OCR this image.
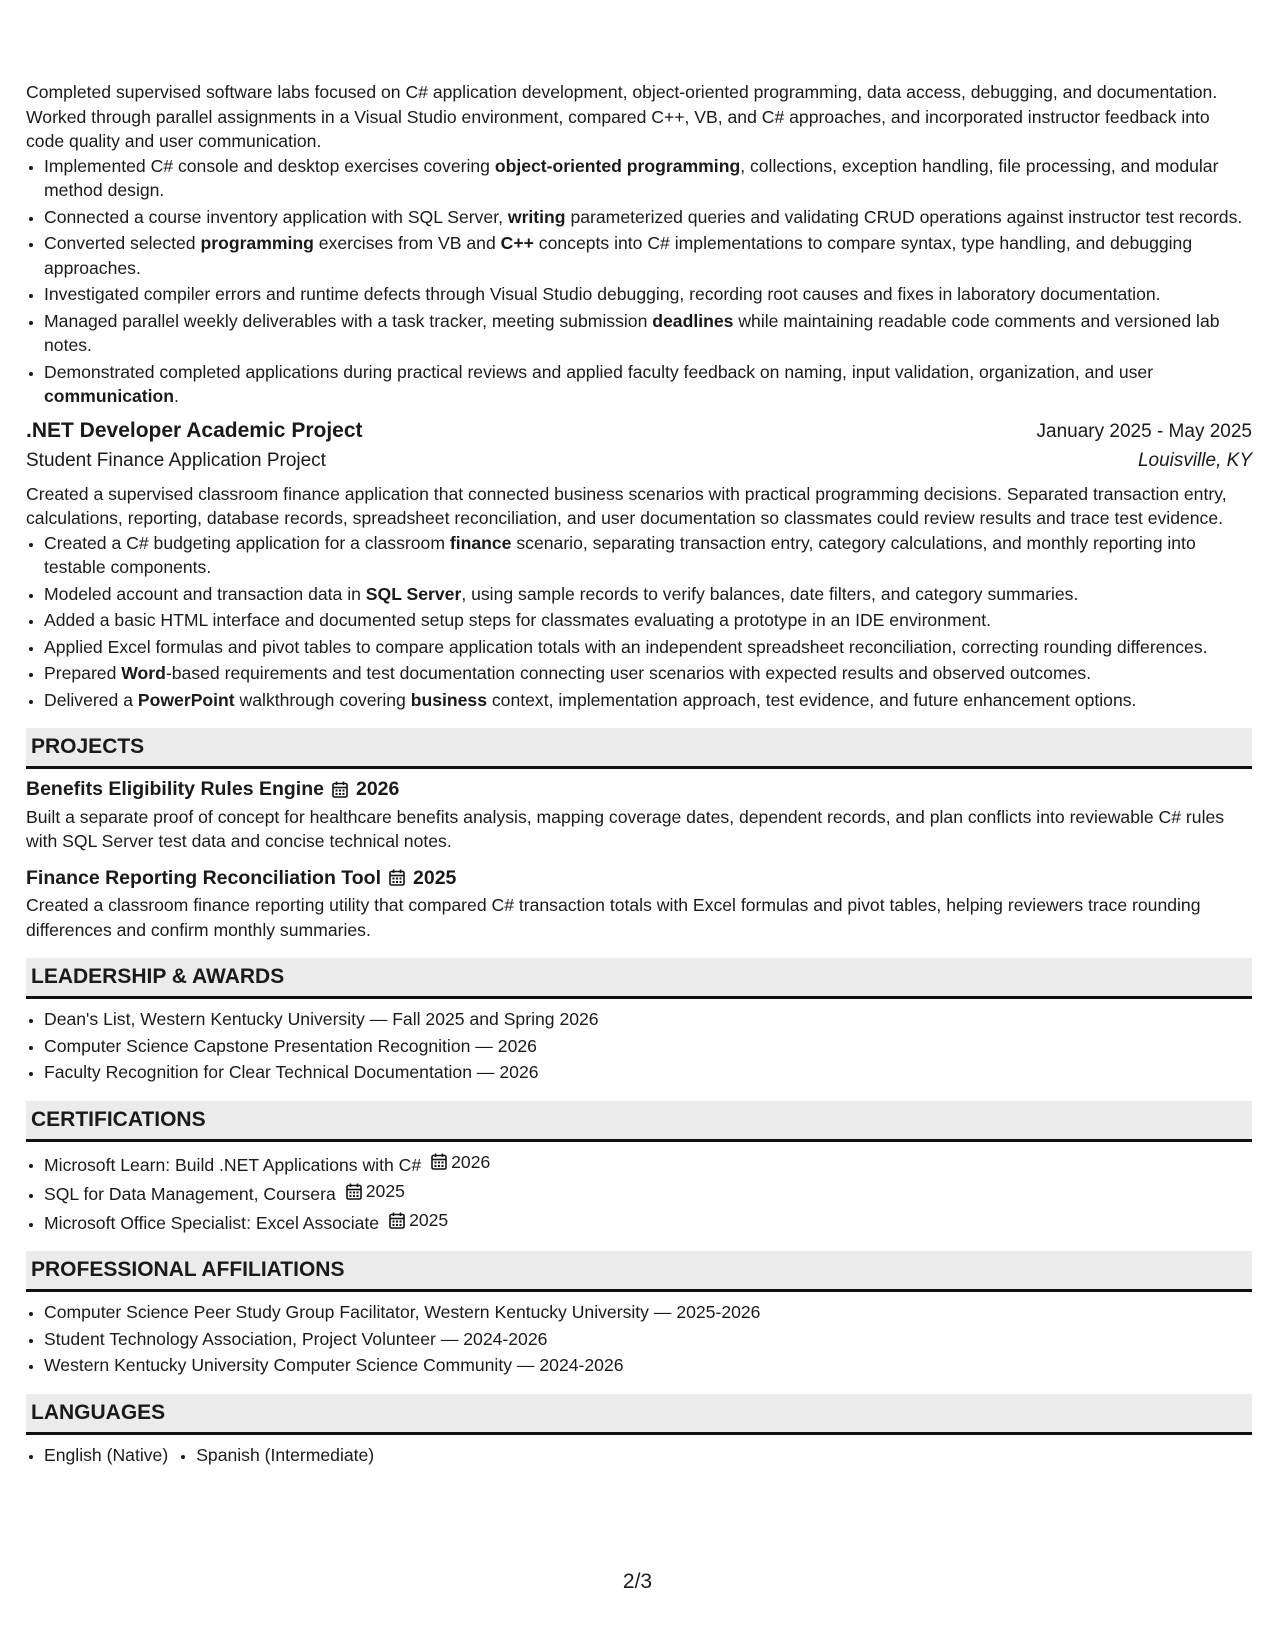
Completed supervised software labs focused on C# application development, object-oriented programming, data access, debugging, and documentation. Worked through parallel assignments in a Visual Studio environment, compared C++, VB, and C# approaches, and incorporated instructor feedback into code quality and user communication.

• Implemented C# console and desktop exercises covering object-oriented programming, collections, exception handling, file processing, and modular method design.
• Connected a course inventory application with SQL Server, writing parameterized queries and validating CRUD operations against instructor test records.
• Converted selected programming exercises from VB and C++ concepts into C# implementations to compare syntax, type handling, and debugging approaches.
• Investigated compiler errors and runtime defects through Visual Studio debugging, recording root causes and fixes in laboratory documentation.
• Managed parallel weekly deliverables with a task tracker, meeting submission deadlines while maintaining readable code comments and versioned lab notes.
• Demonstrated completed applications during practical reviews and applied faculty feedback on naming, input validation, organization, and user communication.
.NET Developer Academic Project	January 2025 - May 2025
Student Finance Application Project	Louisville, KY

Created a supervised classroom finance application that connected business scenarios with practical programming decisions. Separated transaction entry, calculations, reporting, database records, spreadsheet reconciliation, and user documentation so classmates could review results and trace test evidence.

• Created a C# budgeting application for a classroom finance scenario, separating transaction entry, category calculations, and monthly reporting into testable components.
• Modeled account and transaction data in SQL Server, using sample records to verify balances, date filters, and category summaries.
• Added a basic HTML interface and documented setup steps for classmates evaluating a prototype in an IDE environment.
• Applied Excel formulas and pivot tables to compare application totals with an independent spreadsheet reconciliation, correcting rounding differences.
• Prepared Word-based requirements and test documentation connecting user scenarios with expected results and observed outcomes.
• Delivered a PowerPoint walkthrough covering business context, implementation approach, test evidence, and future enhancement options.
PROJECTS
Benefits Eligibility Rules Engine 2026

Built a separate proof of concept for healthcare benefits analysis, mapping coverage dates, dependent records, and plan conflicts into reviewable C# rules with SQL Server test data and concise technical notes.

Finance Reporting Reconciliation Tool 2025

Created a classroom finance reporting utility that compared C# transaction totals with Excel formulas and pivot tables, helping reviewers trace rounding differences and confirm monthly summaries.

LEADERSHIP & AWARDS
• Dean's List, Western Kentucky University — Fall 2025 and Spring 2026
• Computer Science Capstone Presentation Recognition — 2026
• Faculty Recognition for Clear Technical Documentation — 2026
CERTIFICATIONS
• Microsoft Learn: Build .NET Applications with C# 2026
• SQL for Data Management, Coursera 2025
• Microsoft Office Specialist: Excel Associate 2025
PROFESSIONAL AFFILIATIONS
• Computer Science Peer Study Group Facilitator, Western Kentucky University — 2025-2026
• Student Technology Association, Project Volunteer — 2024-2026
• Western Kentucky University Computer Science Community — 2024-2026
LANGUAGES
• English (Native)
• Spanish (Intermediate)
2/3
